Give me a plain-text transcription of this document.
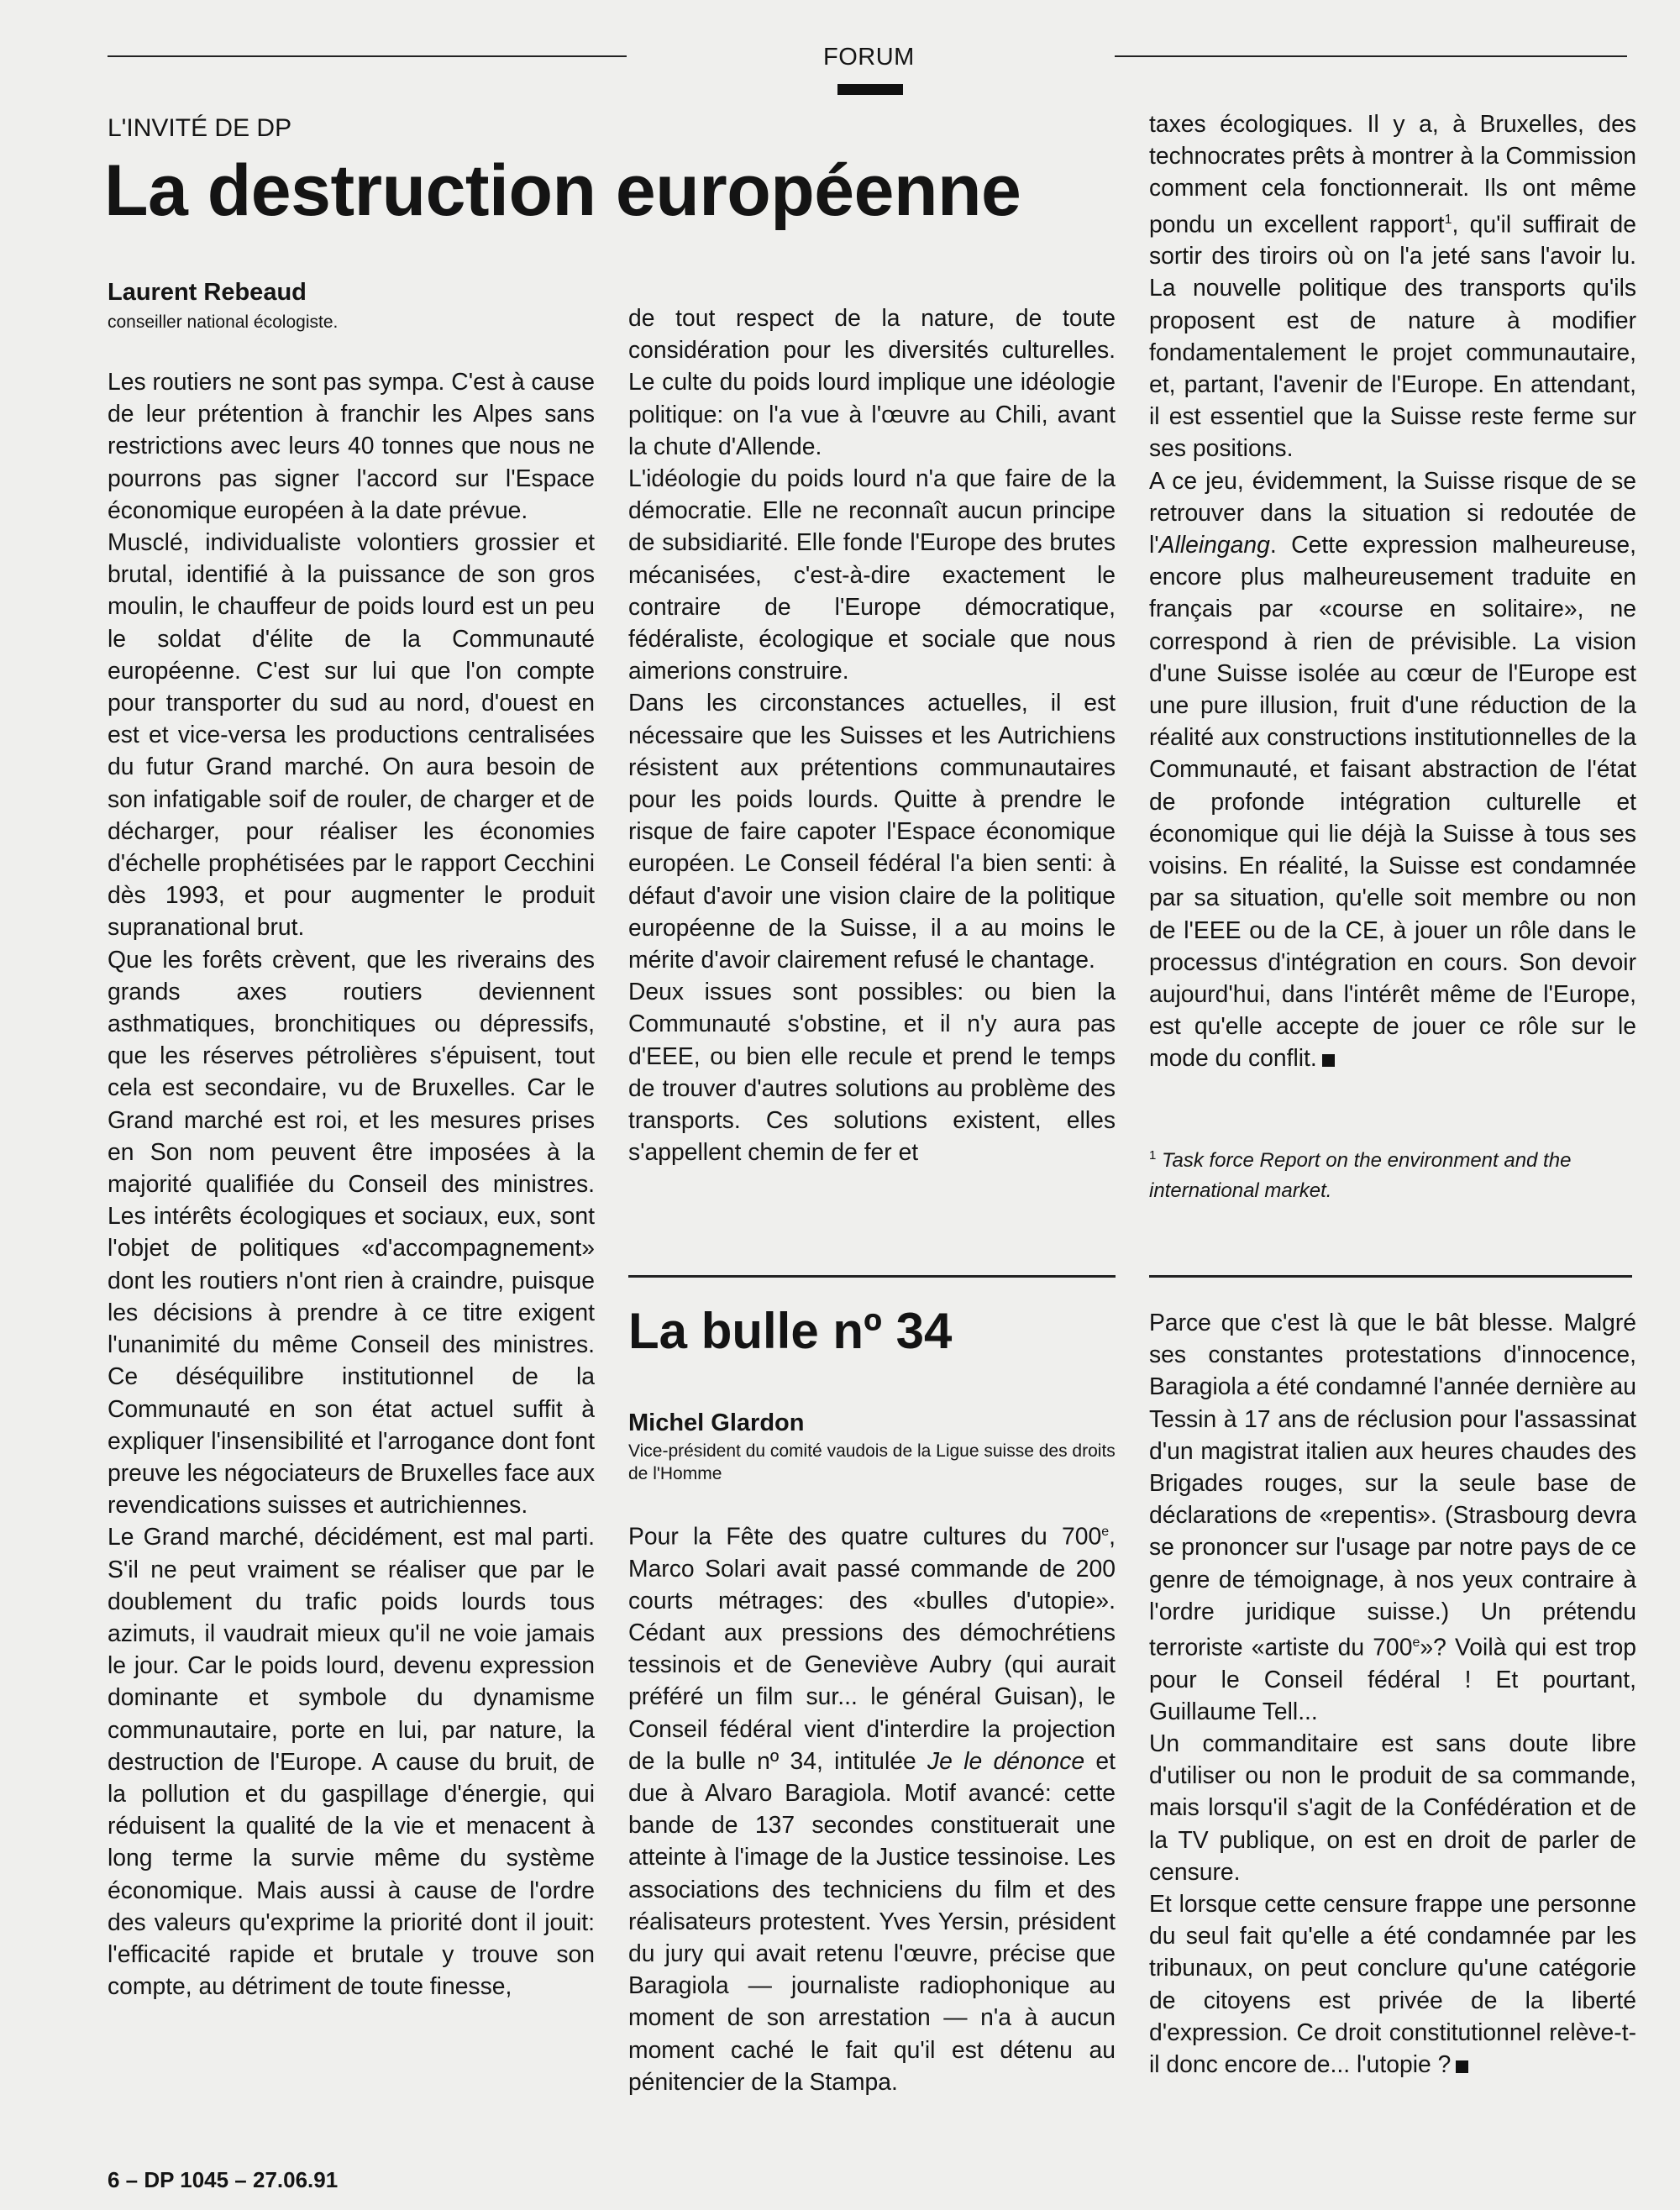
FORUM
L'INVITÉ DE DP
La destruction européenne
Laurent Rebeaud
conseiller national écologiste.

Les routiers ne sont pas sympa. C'est à cause de leur prétention à franchir les Alpes sans restrictions avec leurs 40 tonnes que nous ne pourrons pas signer l'accord sur l'Espace économique européen à la date prévue.

Musclé, individualiste volontiers grossier et brutal, identifié à la puissance de son gros moulin, le chauffeur de poids lourd est un peu le soldat d'élite de la Communauté européenne. C'est sur lui que l'on compte pour transporter du sud au nord, d'ouest en est et vice-versa les productions centralisées du futur Grand marché. On aura besoin de son infatigable soif de rouler, de charger et de décharger, pour réaliser les économies d'échelle prophétisées par le rapport Cecchini dès 1993, et pour augmenter le produit supranational brut.

Que les forêts crèvent, que les riverains des grands axes routiers deviennent asthmatiques, bronchitiques ou dépressifs, que les réserves pétrolières s'épuisent, tout cela est secondaire, vu de Bruxelles. Car le Grand marché est roi, et les mesures prises en Son nom peuvent être imposées à la majorité qualifiée du Conseil des ministres. Les intérêts écologiques et sociaux, eux, sont l'objet de politiques «d'accompagnement» dont les routiers n'ont rien à craindre, puisque les décisions à prendre à ce titre exigent l'unanimité du même Conseil des ministres. Ce déséquilibre institutionnel de la Communauté en son état actuel suffit à expliquer l'insensibilité et l'arrogance dont font preuve les négociateurs de Bruxelles face aux revendications suisses et autrichiennes.

Le Grand marché, décidément, est mal parti. S'il ne peut vraiment se réaliser que par le doublement du trafic poids lourds tous azimuts, il vaudrait mieux qu'il ne voie jamais le jour. Car le poids lourd, devenu expression dominante et symbole du dynamisme communautaire, porte en lui, par nature, la destruction de l'Europe. A cause du bruit, de la pollution et du gaspillage d'énergie, qui réduisent la qualité de la vie et menacent à long terme la survie même du système économique. Mais aussi à cause de l'ordre des valeurs qu'exprime la priorité dont il jouit: l'efficacité rapide et brutale y trouve son compte, au détriment de toute finesse,

de tout respect de la nature, de toute considération pour les diversités culturelles. Le culte du poids lourd implique une idéologie politique: on l'a vue à l'œuvre au Chili, avant la chute d'Allende.

L'idéologie du poids lourd n'a que faire de la démocratie. Elle ne reconnaît aucun principe de subsidiarité. Elle fonde l'Europe des brutes mécanisées, c'est-à-dire exactement le contraire de l'Europe démocratique, fédéraliste, écologique et sociale que nous aimerions construire.

Dans les circonstances actuelles, il est nécessaire que les Suisses et les Autrichiens résistent aux prétentions communautaires pour les poids lourds. Quitte à prendre le risque de faire capoter l'Espace économique européen. Le Conseil fédéral l'a bien senti: à défaut d'avoir une vision claire de la politique européenne de la Suisse, il a au moins le mérite d'avoir clairement refusé le chantage.

Deux issues sont possibles: ou bien la Communauté s'obstine, et il n'y aura pas d'EEE, ou bien elle recule et prend le temps de trouver d'autres solutions au problème des transports. Ces solutions existent, elles s'appellent chemin de fer et

taxes écologiques. Il y a, à Bruxelles, des technocrates prêts à montrer à la Commission comment cela fonctionnerait. Ils ont même pondu un excellent rapport$^1$, qu'il suffirait de sortir des tiroirs où on l'a jeté sans l'avoir lu. La nouvelle politique des transports qu'ils proposent est de nature à modifier fondamentalement le projet communautaire, et, partant, l'avenir de l'Europe. En attendant, il est essentiel que la Suisse reste ferme sur ses positions.

A ce jeu, évidemment, la Suisse risque de se retrouver dans la situation si redoutée de l'Alleingang. Cette expression malheureuse, encore plus malheureusement traduite en français par «course en solitaire», ne correspond à rien de prévisible. La vision d'une Suisse isolée au cœur de l'Europe est une pure illusion, fruit d'une réduction de la réalité aux constructions institutionnelles de la Communauté, et faisant abstraction de l'état de profonde intégration culturelle et économique qui lie déjà la Suisse à tous ses voisins. En réalité, la Suisse est condamnée par sa situation, qu'elle soit membre ou non de l'EEE ou de la CE, à jouer un rôle dans le processus d'intégration en cours. Son devoir aujourd'hui, dans l'intérêt même de l'Europe, est qu'elle accepte de jouer ce rôle sur le mode du conflit.

$^1$ Task force Report on the environment and the international market.
La bulle nº 34
Michel Glardon
Vice-président du comité vaudois de la Ligue suisse des droits de l'Homme

Pour la Fête des quatre cultures du 700e, Marco Solari avait passé commande de 200 courts métrages: des «bulles d'utopie». Cédant aux pressions des démochrétiens tessinois et de Geneviève Aubry (qui aurait préféré un film sur... le général Guisan), le Conseil fédéral vient d'interdire la projection de la bulle nº 34, intitulée Je le dénonce et due à Alvaro Baragiola. Motif avancé: cette bande de 137 secondes constituerait une atteinte à l'image de la Justice tessinoise. Les associations des techniciens du film et des réalisateurs protestent. Yves Yersin, président du jury qui avait retenu l'œuvre, précise que Baragiola — journaliste radiophonique au moment de son arrestation — n'a à aucun moment caché le fait qu'il est détenu au pénitencier de la Stampa.

Parce que c'est là que le bât blesse. Malgré ses constantes protestations d'innocence, Baragiola a été condamné l'année dernière au Tessin à 17 ans de réclusion pour l'assassinat d'un magistrat italien aux heures chaudes des Brigades rouges, sur la seule base de déclarations de «repentis». (Strasbourg devra se prononcer sur l'usage par notre pays de ce genre de témoignage, à nos yeux contraire à l'ordre juridique suisse.) Un prétendu terroriste «artiste du 700e»? Voilà qui est trop pour le Conseil fédéral ! Et pourtant, Guillaume Tell...

Un commanditaire est sans doute libre d'utiliser ou non le produit de sa commande, mais lorsqu'il s'agit de la Confédération et de la TV publique, on est en droit de parler de censure.

Et lorsque cette censure frappe une personne du seul fait qu'elle a été condamnée par les tribunaux, on peut conclure qu'une catégorie de citoyens est privée de la liberté d'expression. Ce droit constitutionnel relève-t-il donc encore de... l'utopie ?

6 – DP 1045 – 27.06.91
